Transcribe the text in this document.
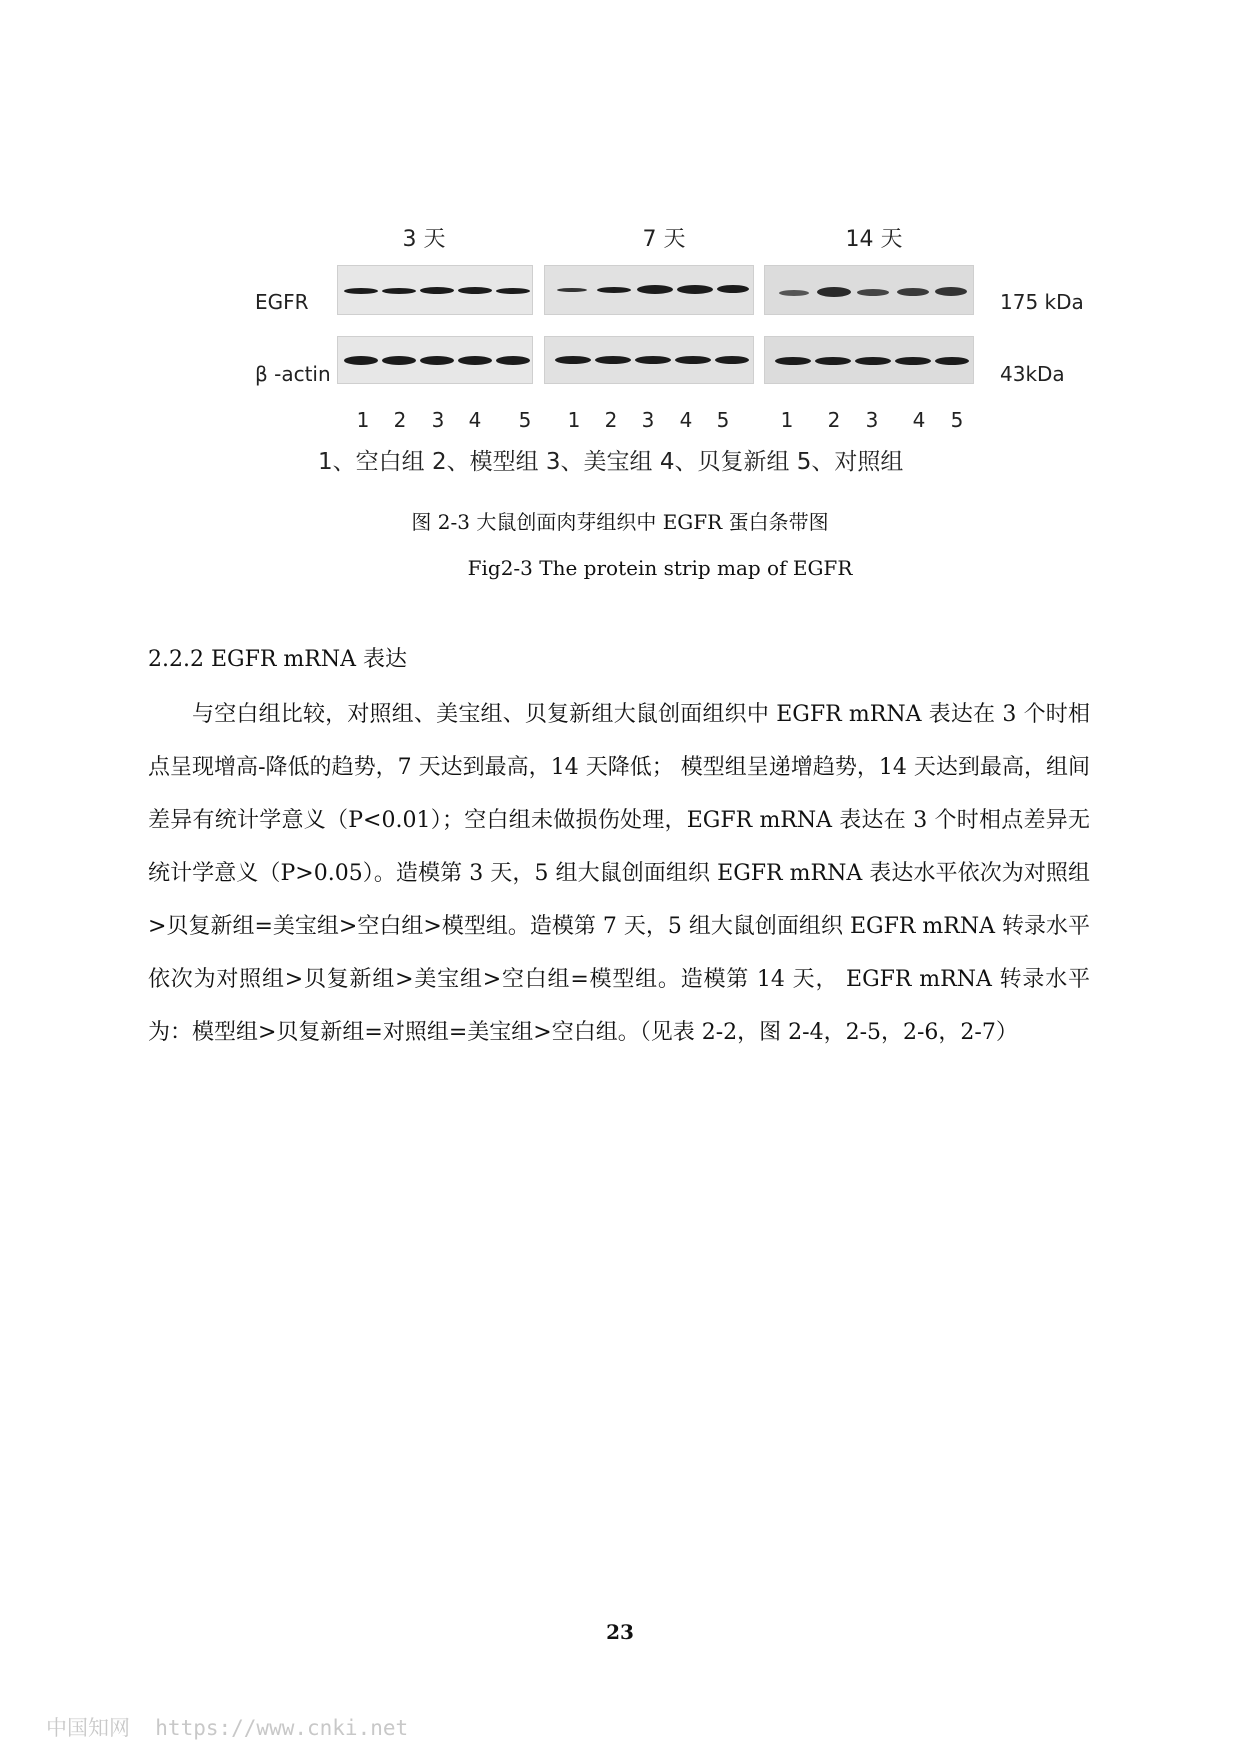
3 天	7 天	14 天
EGFR
β -actin
175 kDa
43kDa
1 2 3 4 5 1 2 3 4 5	1 2 3 4 5
1、空白组 2、模型组 3、美宝组 4、贝复新组 5、对照组
图 2-3 大鼠创面肉芽组织中 EGFR 蛋白条带图
Fig2-3 The protein strip map of EGFR
2.2.2 EGFR mRNA 表达

与空白组比较，对照组、美宝组、贝复新组大鼠创面组织中 EGFR mRNA 表达在 3 个时相点呈现增高-降低的趋势，7 天达到最高，14 天降低； 模型组呈递增趋势，14 天达到最高，组间差异有统计学意义（P<0.01）；空白组未做损伤处理，EGFR mRNA 表达在 3 个时相点差异无统计学意义（P>0.05）。造模第 3 天，5 组大鼠创面组织 EGFR mRNA 表达水平依次为对照组>贝复新组=美宝组>空白组>模型组。造模第 7 天，5 组大鼠创面组织 EGFR mRNA 转录水平依次为对照组>贝复新组>美宝组>空白组=模型组。造模第 14 天， EGFR mRNA 转录水平为：模型组>贝复新组=对照组=美宝组>空白组。（见表 2-2，图 2-4，2-5，2-6，2-7）

23
中国知网  https://www.cnki.net
